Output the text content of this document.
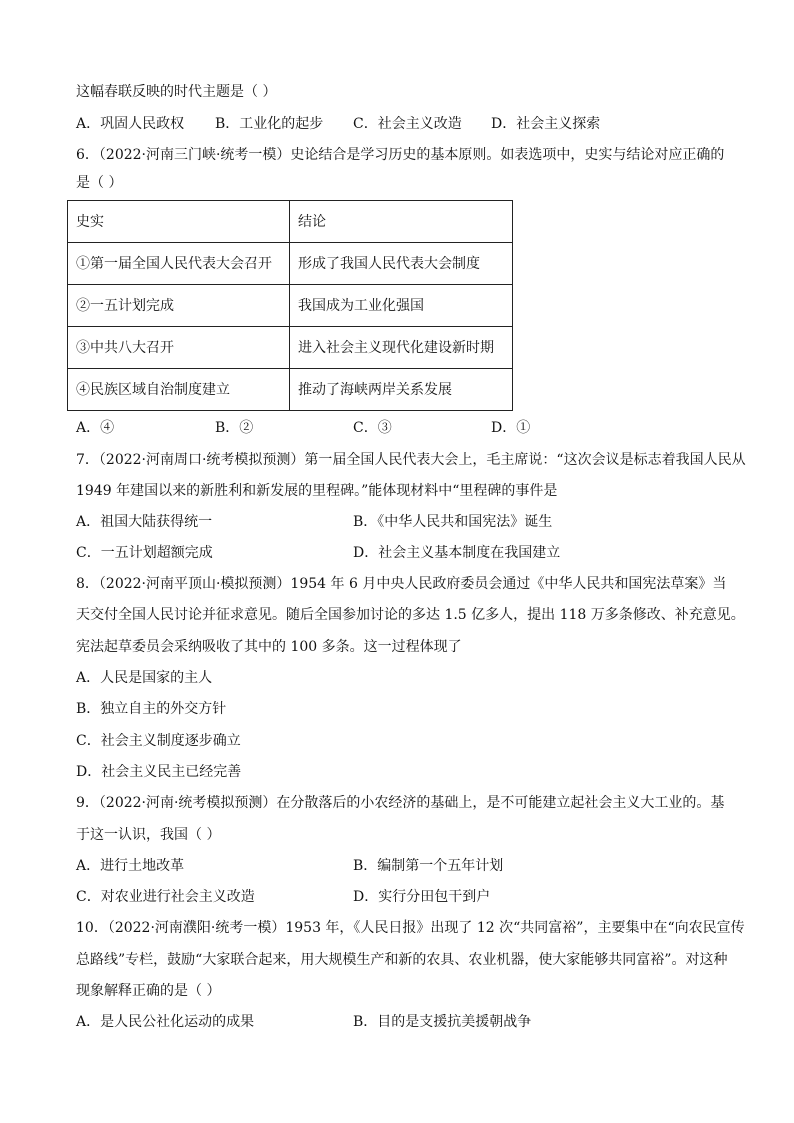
这幅春联反映的时代主题是（ ）
A．巩固人民政权 B．工业化的起步 C．社会主义改造 D．社会主义探索
6．（2022·河南三门峡·统考一模）史论结合是学习历史的基本原则。如表选项中，史实与结论对应正确的
是（ ）
史实	结论
①第一届全国人民代表大会召开	形成了我国人民代表大会制度
②一五计划完成	我国成为工业化强国
③中共八大召开	进入社会主义现代化建设新时期
④民族区域自治制度建立	推动了海峡两岸关系发展
A．④	B．②	C．③	D．①
7．（2022·河南周口·统考模拟预测）第一届全国人民代表大会上，毛主席说：“这次会议是标志着我国人民从
1949 年建国以来的新胜利和新发展的里程碑。”能体现材料中“里程碑的事件是
A．祖国大陆获得统一	B．《中华人民共和国宪法》诞生
C．一五计划超额完成	D．社会主义基本制度在我国建立
8．（2022·河南平顶山·模拟预测）1954 年 6 月中央人民政府委员会通过《中华人民共和国宪法草案》当
天交付全国人民讨论并征求意见。随后全国参加讨论的多达 1.5 亿多人，提出 118 万多条修改、补充意见。
宪法起草委员会采纳吸收了其中的 100 多条。这一过程体现了
A．人民是国家的主人
B．独立自主的外交方针
C．社会主义制度逐步确立
D．社会主义民主已经完善
9．（2022·河南·统考模拟预测）在分散落后的小农经济的基础上，是不可能建立起社会主义大工业的。基
于这一认识，我国（ ）
A．进行土地改革	B．编制第一个五年计划
C．对农业进行社会主义改造	D．实行分田包干到户
10．（2022·河南濮阳·统考一模）1953 年，《人民日报》出现了 12 次“共同富裕”，主要集中在“向农民宣传
总路线”专栏，鼓励“大家联合起来，用大规模生产和新的农具、农业机器，使大家能够共同富裕”。对这种
现象解释正确的是（ ）
A．是人民公社化运动的成果	B．目的是支援抗美援朝战争
